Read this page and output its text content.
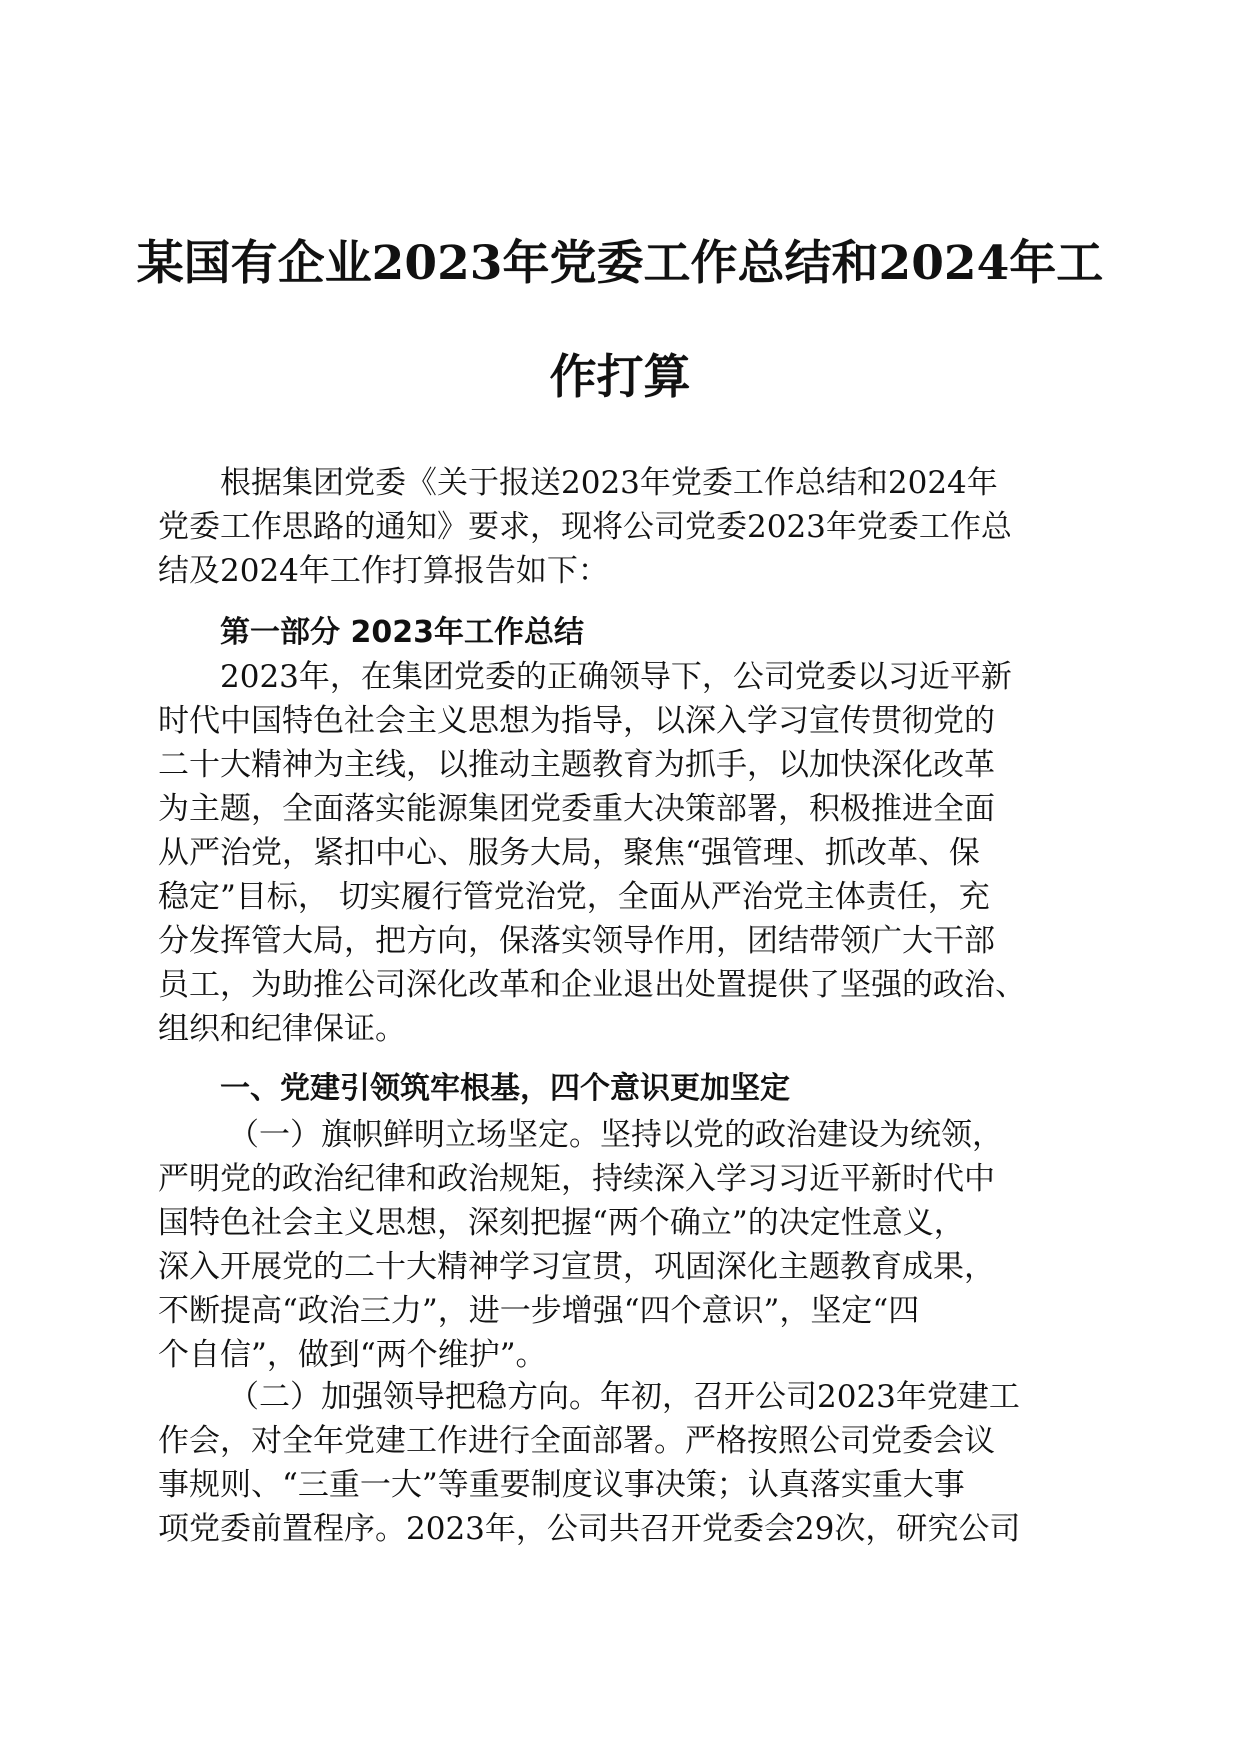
某国有企业2023年党委工作总结和2024年工
作打算
根据集团党委《关于报送2023年党委工作总结和2024年
党委工作思路的通知》要求，现将公司党委2023年党委工作总
结及2024年工作打算报告如下：
第一部分 2023年工作总结
2023年，在集团党委的正确领导下，公司党委以习近平新
时代中国特色社会主义思想为指导，以深入学习宣传贯彻党的
二十大精神为主线，以推动主题教育为抓手，以加快深化改革
为主题，全面落实能源集团党委重大决策部署，积极推进全面
从严治党，紧扣中心、服务大局，聚焦“强管理、抓改革、保
稳定”目标， 切实履行管党治党，全面从严治党主体责任，充
分发挥管大局，把方向，保落实领导作用，团结带领广大干部
员工，为助推公司深化改革和企业退出处置提供了坚强的政治、
组织和纪律保证。
一、党建引领筑牢根基，四个意识更加坚定
（一）旗帜鲜明立场坚定。坚持以党的政治建设为统领，
严明党的政治纪律和政治规矩，持续深入学习习近平新时代中
国特色社会主义思想，深刻把握“两个确立”的决定性意义，
深入开展党的二十大精神学习宣贯，巩固深化主题教育成果，
不断提高“政治三力”，进一步增强“四个意识”，坚定“四
个自信”，做到“两个维护”。
（二）加强领导把稳方向。年初，召开公司2023年党建工
作会，对全年党建工作进行全面部署。严格按照公司党委会议
事规则、“三重一大”等重要制度议事决策；认真落实重大事
项党委前置程序。2023年，公司共召开党委会29次，研究公司
